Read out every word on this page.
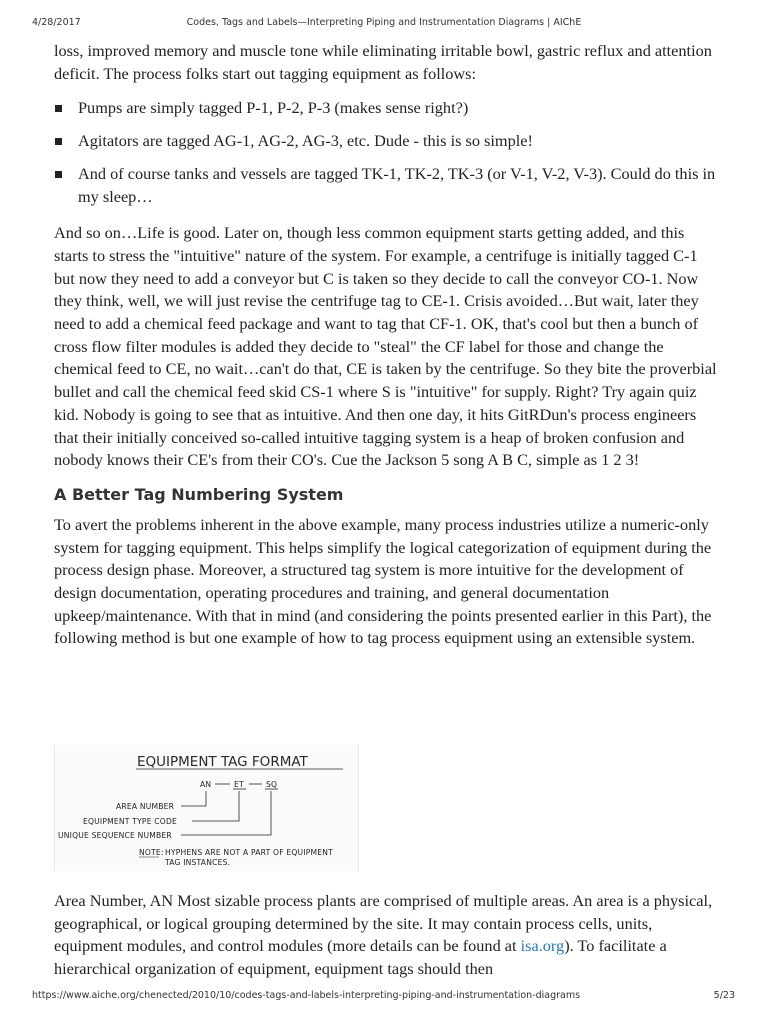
4/28/2017	Codes, Tags and Labels—Interpreting Piping and Instrumentation Diagrams | AIChE

loss, improved memory and muscle tone while eliminating irritable bowl, gastric reflux and attention deficit. The process folks start out tagging equipment as follows:

Pumps are simply tagged P-1, P-2, P-3 (makes sense right?)
Agitators are tagged AG-1, AG-2, AG-3, etc. Dude - this is so simple!
And of course tanks and vessels are tagged TK-1, TK-2, TK-3 (or V-1, V-2, V-3). Could do this in my sleep…

And so on…Life is good. Later on, though less common equipment starts getting added, and this starts to stress the "intuitive" nature of the system. For example, a centrifuge is initially tagged C-1 but now they need to add a conveyor but C is taken so they decide to call the conveyor CO-1. Now they think, well, we will just revise the centrifuge tag to CE-1. Crisis avoided…But wait, later they need to add a chemical feed package and want to tag that CF-1. OK, that's cool but then a bunch of cross flow filter modules is added they decide to "steal" the CF label for those and change the chemical feed to CE, no wait…can't do that, CE is taken by the centrifuge. So they bite the proverbial bullet and call the chemical feed skid CS-1 where S is "intuitive" for supply. Right? Try again quiz kid. Nobody is going to see that as intuitive. And then one day, it hits GitRDun's process engineers that their initially conceived so-called intuitive tagging system is a heap of broken confusion and nobody knows their CE's from their CO's. Cue the Jackson 5 song A B C, simple as 1 2 3!

A Better Tag Numbering System

To avert the problems inherent in the above example, many process industries utilize a numeric-only system for tagging equipment. This helps simplify the logical categorization of equipment during the process design phase. Moreover, a structured tag system is more intuitive for the development of design documentation, operating procedures and training, and general documentation upkeep/maintenance. With that in mind (and considering the points presented earlier in this Part), the following method is but one example of how to tag process equipment using an extensible system.

EQUIPMENT TAG FORMAT
AN	ET	SQ
AREA NUMBER
EQUIPMENT TYPE CODE
UNIQUE SEQUENCE NUMBER
NOTE: HYPHENS ARE NOT A PART OF EQUIPMENT
TAG INSTANCES.

Area Number, AN Most sizable process plants are comprised of multiple areas. An area is a physical, geographical, or logical grouping determined by the site. It may contain process cells, units, equipment modules, and control modules (more details can be found at isa.org). To facilitate a hierarchical organization of equipment, equipment tags should then

https://www.aiche.org/chenected/2010/10/codes-tags-and-labels-interpreting-piping-and-instrumentation-diagrams	5/23
